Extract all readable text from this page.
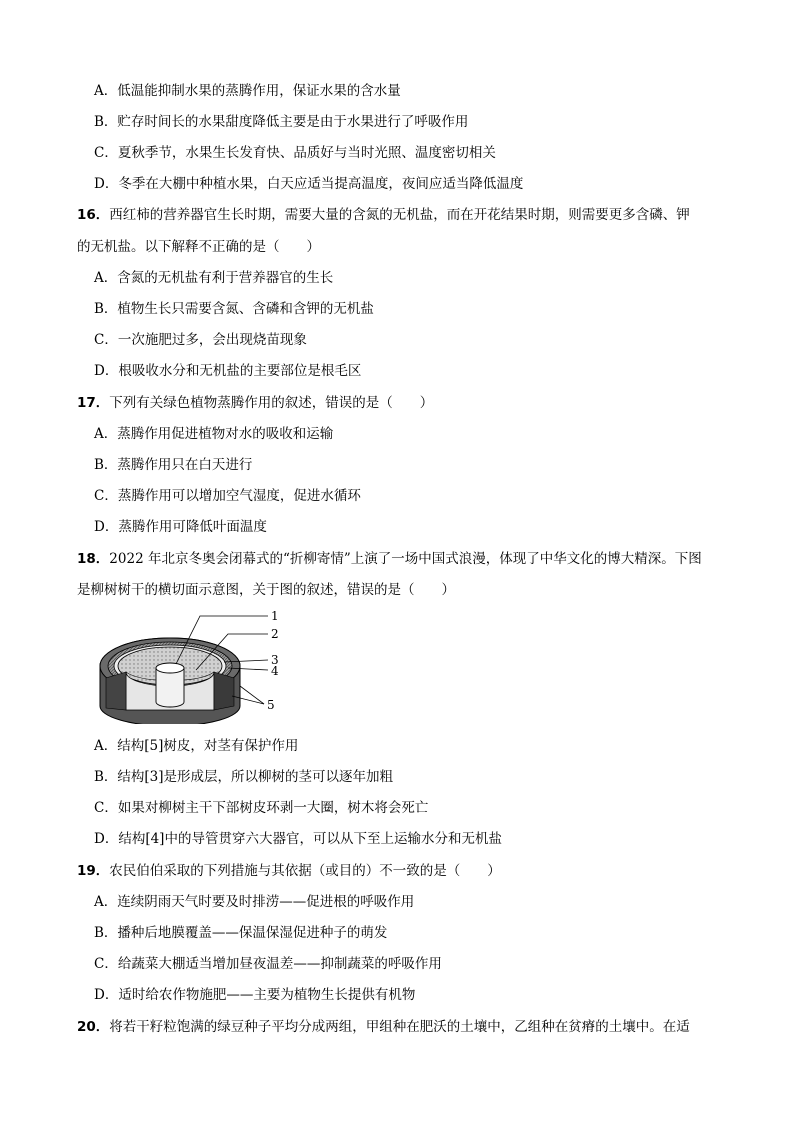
A．低温能抑制水果的蒸腾作用，保证水果的含水量
B．贮存时间长的水果甜度降低主要是由于水果进行了呼吸作用
C．夏秋季节，水果生长发育快、品质好与当时光照、温度密切相关
D．冬季在大棚中种植水果，白天应适当提高温度，夜间应适当降低温度
16．西红柿的营养器官生长时期，需要大量的含氮的无机盐，而在开花结果时期，则需要更多含磷、钾
的无机盐。以下解释不正确的是（　　）
A．含氮的无机盐有利于营养器官的生长
B．植物生长只需要含氮、含磷和含钾的无机盐
C．一次施肥过多，会出现烧苗现象
D．根吸收水分和无机盐的主要部位是根毛区
17．下列有关绿色植物蒸腾作用的叙述，错误的是（　　）
A．蒸腾作用促进植物对水的吸收和运输
B．蒸腾作用只在白天进行
C．蒸腾作用可以增加空气湿度，促进水循环
D．蒸腾作用可降低叶面温度
18．2022 年北京冬奥会闭幕式的“折柳寄情”上演了一场中国式浪漫，体现了中华文化的博大精深。下图
是柳树树干的横切面示意图，关于图的叙述，错误的是（　　）
1
2
3
4
5
A．结构[5]树皮，对茎有保护作用
B．结构[3]是形成层，所以柳树的茎可以逐年加粗
C．如果对柳树主干下部树皮环剥一大圈，树木将会死亡
D．结构[4]中的导管贯穿六大器官，可以从下至上运输水分和无机盐
19．农民伯伯采取的下列措施与其依据（或目的）不一致的是（　　）
A．连续阴雨天气时要及时排涝——促进根的呼吸作用
B．播种后地膜覆盖——保温保湿促进种子的萌发
C．给蔬菜大棚适当增加昼夜温差——抑制蔬菜的呼吸作用
D．适时给农作物施肥——主要为植物生长提供有机物
20．将若干籽粒饱满的绿豆种子平均分成两组，甲组种在肥沃的土壤中，乙组种在贫瘠的土壤中。在适
